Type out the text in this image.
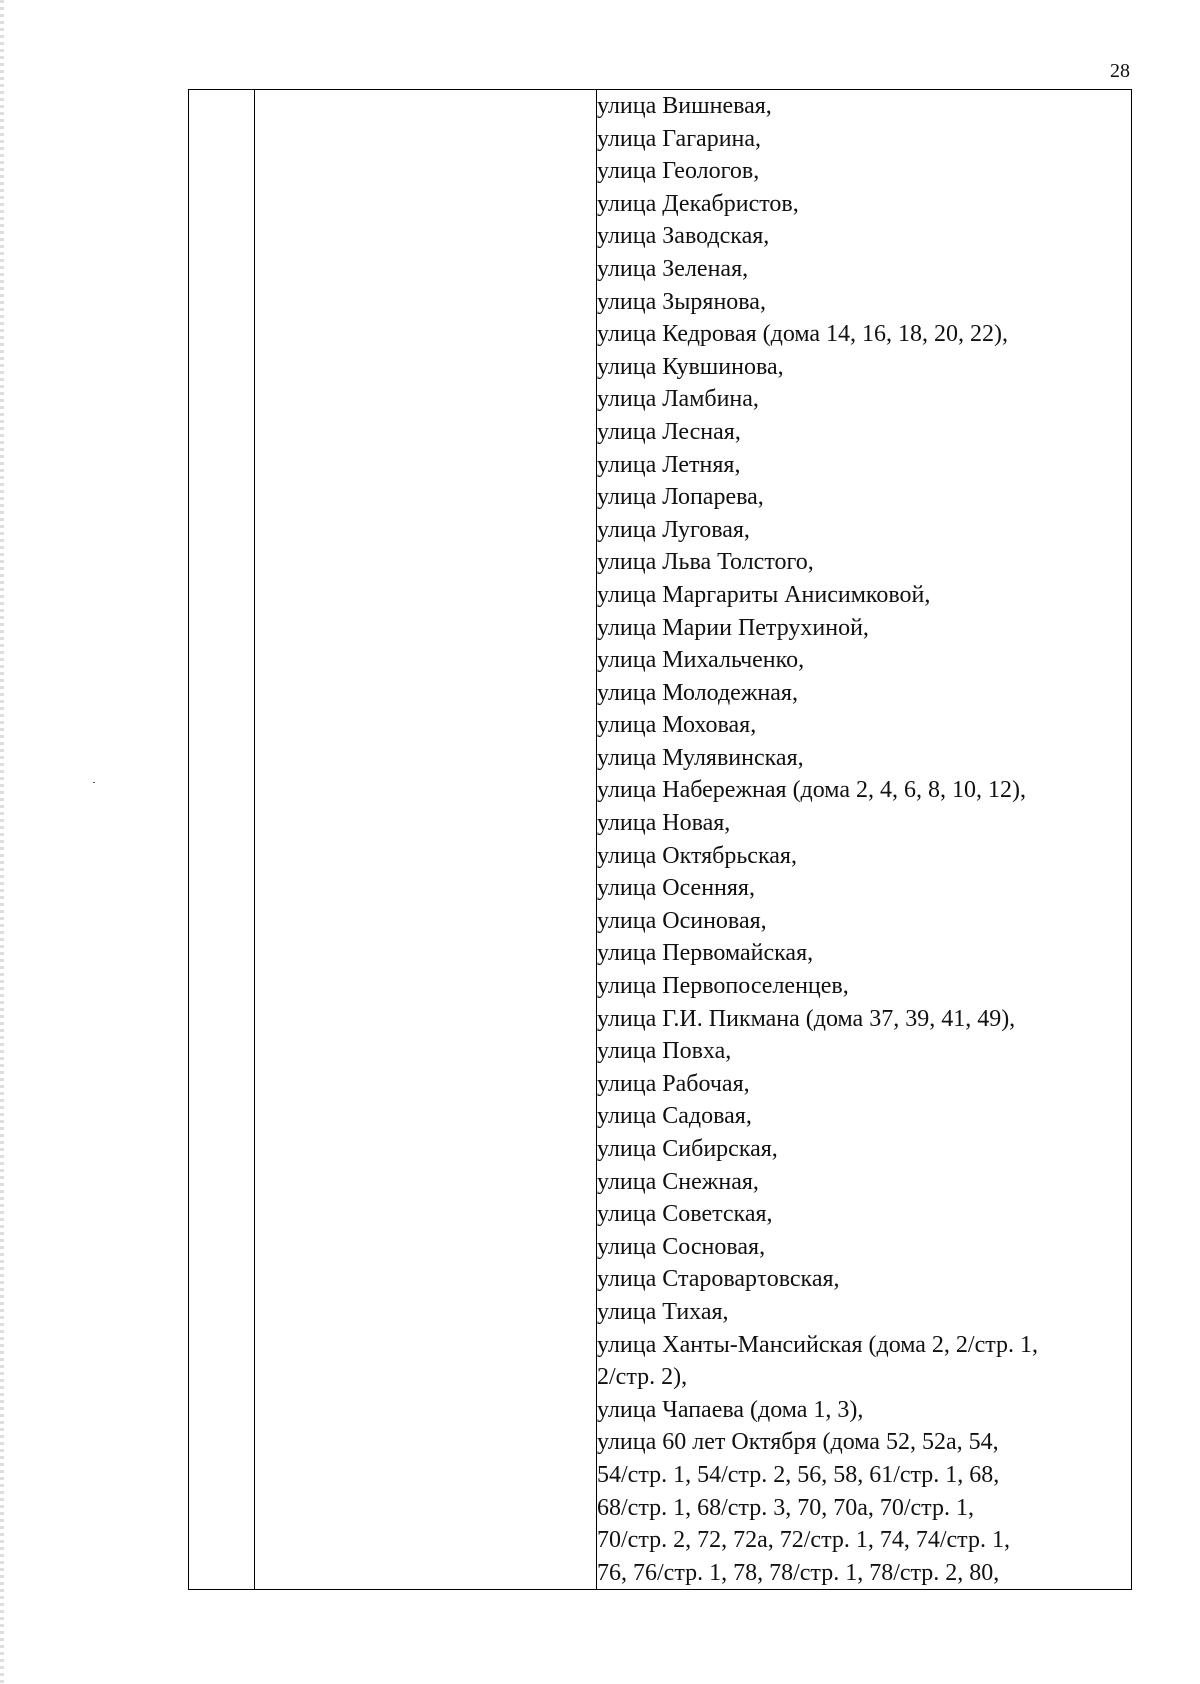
28

улица Вишневая,
улица Гагарина,
улица Геологов,
улица Декабристов,
улица Заводская,
улица Зеленая,
улица Зырянова,
улица Кедровая (дома 14, 16, 18, 20, 22),
улица Кувшинова,
улица Ламбина,
улица Лесная,
улица Летняя,
улица Лопарева,
улица Луговая,
улица Льва Толстого,
улица Маргариты Анисимковой,
улица Марии Петрухиной,
улица Михальченко,
улица Молодежная,
улица Моховая,
улица Мулявинская,
улица Набережная (дома 2, 4, 6, 8, 10, 12),
улица Новая,
улица Октябрьская,
улица Осенняя,
улица Осиновая,
улица Первомайская,
улица Первопоселенцев,
улица Г.И. Пикмана (дома 37, 39, 41, 49),
улица Повха,
улица Рабочая,
улица Садовая,
улица Сибирская,
улица Снежная,
улица Советская,
улица Сосновая,
улица Староварτовская,
улица Тихая,
улица Ханты-Мансийская (дома 2, 2/стр. 1,
2/стр. 2),
улица Чапаева (дома 1, 3),
улица 60 лет Октября (дома 52, 52а, 54,
54/стр. 1, 54/стр. 2, 56, 58, 61/стр. 1, 68,
68/стр. 1, 68/стр. 3, 70, 70а, 70/стр. 1,
70/стр. 2, 72, 72а, 72/стр. 1, 74, 74/стр. 1,
76, 76/стр. 1, 78, 78/стр. 1, 78/стр. 2, 80,
